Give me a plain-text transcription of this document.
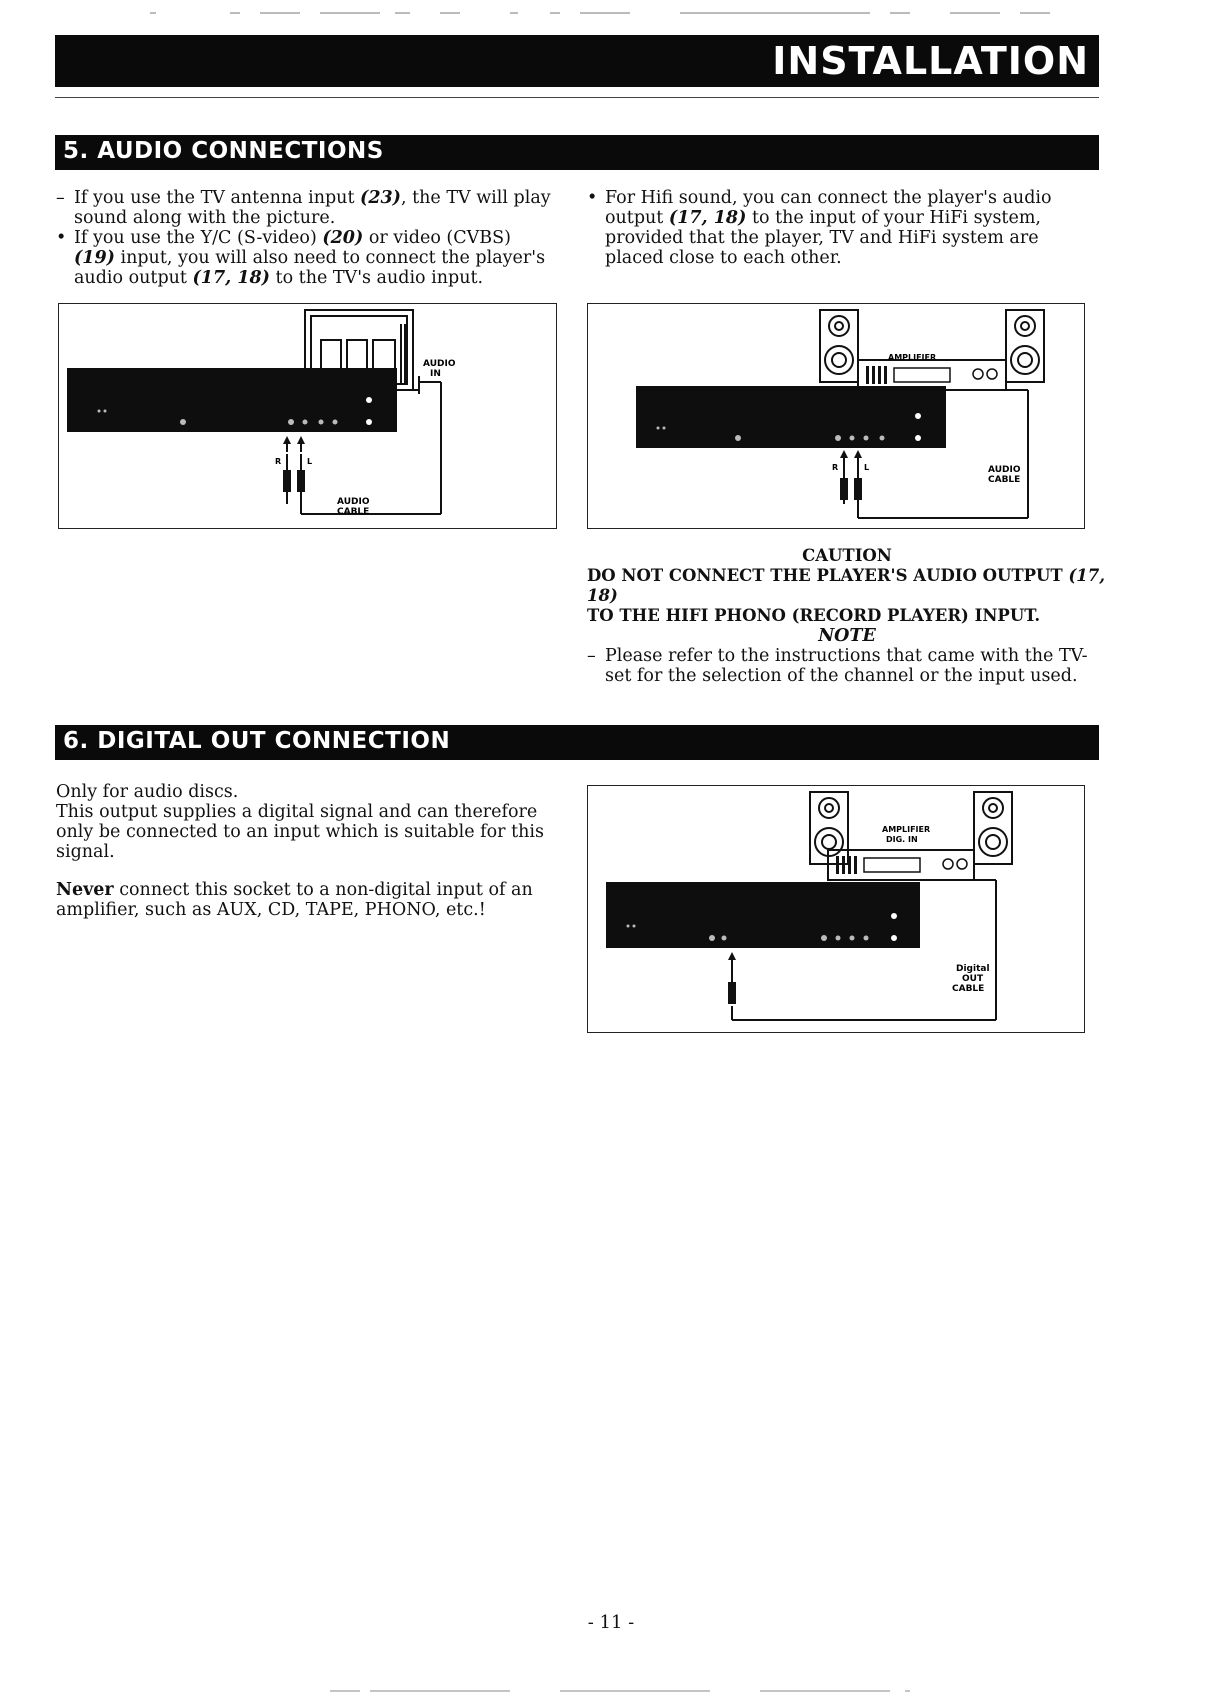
INSTALLATION
5. AUDIO CONNECTIONS
– If you use the TV antenna input (23), the TV will play sound along with the picture.
• If you use the Y/C (S-video) (20) or video (CVBS) (19) input, you will also need to connect the player's audio output (17, 18) to the TV's audio input.
• For Hifi sound, you can connect the player's audio output (17, 18) to the input of your HiFi system, provided that the player, TV and HiFi system are placed close to each other.
AUDIO
IN
R	L
AUDIO
CABLE
AMPLIFIER
R	L	AUDIO
CABLE
CAUTION
DO NOT CONNECT THE PLAYER'S AUDIO OUTPUT (17, 18)
TO THE HIFI PHONO (RECORD PLAYER) INPUT.
NOTE
– Please refer to the instructions that came with the TV-set for the selection of the channel or the input used.
6. DIGITAL OUT CONNECTION
Only for audio discs.
This output supplies a digital signal and can therefore only be connected to an input which is suitable for this signal.
Never connect this socket to a non-digital input of an amplifier, such as AUX, CD, TAPE, PHONO, etc.!
AMPLIFIER
DIG. IN
Digital
OUT
CABLE
- 11 -
